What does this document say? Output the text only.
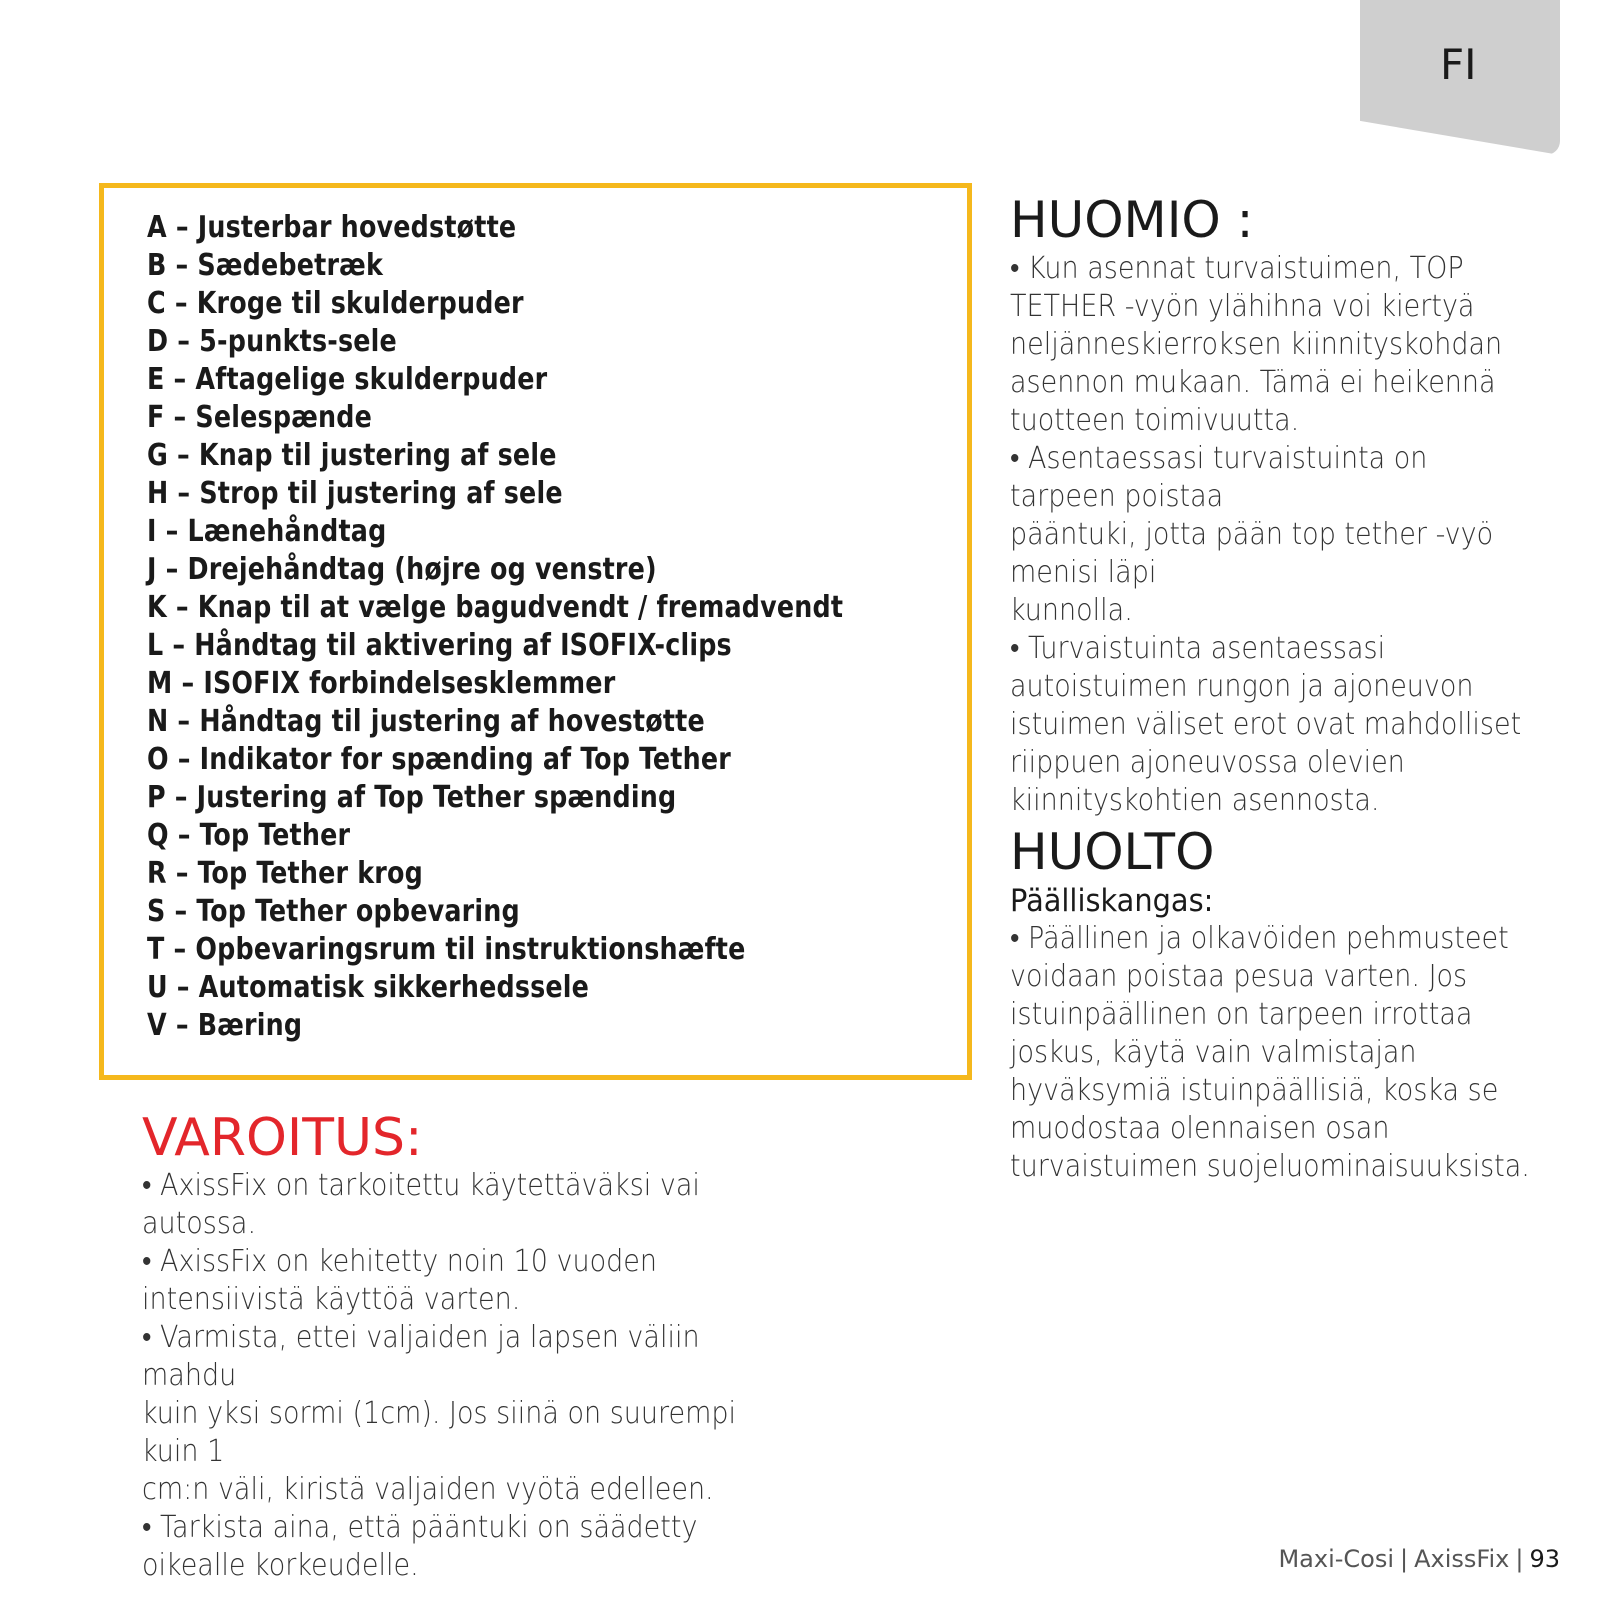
FI
A – Justerbar hovedstøtte
B – Sædebetræk
C – Kroge til skulderpuder
D – 5-punkts-sele
E – Aftagelige skulderpuder
F – Selespænde
G – Knap til justering af sele
H – Strop til justering af sele
I – Lænehåndtag
J – Drejehåndtag (højre og venstre)
K – Knap til at vælge bagudvendt / fremadvendt
L – Håndtag til aktivering af ISOFIX-clips
M – ISOFIX forbindelsesklemmer
N – Håndtag til justering af hovestøtte
O – Indikator for spænding af Top Tether
P – Justering af Top Tether spænding
Q – Top Tether
R – Top Tether krog
S – Top Tether opbevaring
T – Opbevaringsrum til instruktionshæfte
U – Automatisk sikkerhedssele
V – Bæring
VAROITUS:
• AxissFix on tarkoitettu käytettäväksi vai
autossa.
• AxissFix on kehitetty noin 10 vuoden
intensiivistä käyttöä varten.
• Varmista, ettei valjaiden ja lapsen väliin mahdu
kuin yksi sormi (1cm). Jos siinä on suurempi kuin 1
cm:n väli, kiristä valjaiden vyötä edelleen.
• Tarkista aina, että pääntuki on säädetty
oikealle korkeudelle.
HUOMIO :
• Kun asennat turvaistuimen, TOP
TETHER -vyön ylähihna voi kiertyä
neljänneskierroksen kiinnityskohdan
asennon mukaan. Tämä ei heikennä
tuotteen toimivuutta.
• Asentaessasi turvaistuinta on
tarpeen poistaa
pääntuki, jotta pään top tether -vyö
menisi läpi
kunnolla.
• Turvaistuinta asentaessasi
autoistuimen rungon ja ajoneuvon
istuimen väliset erot ovat mahdolliset
riippuen ajoneuvossa olevien
kiinnityskohtien asennosta.
HUOLTO
Päälliskangas:
• Päällinen ja olkavöiden pehmusteet
voidaan poistaa pesua varten. Jos
istuinpäällinen on tarpeen irrottaa
joskus, käytä vain valmistajan
hyväksymiä istuinpäällisiä, koska se
muodostaa olennaisen osan
turvaistuimen suojeluominaisuuksista.
Maxi-Cosi | AxissFix | 93
